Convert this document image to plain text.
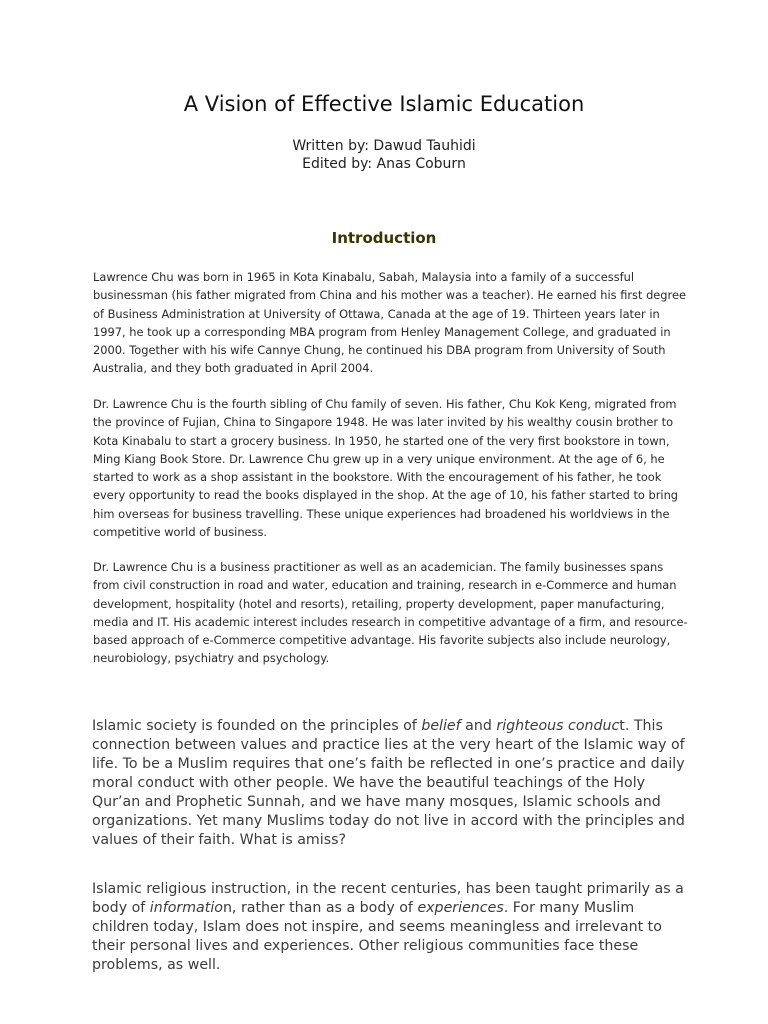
A Vision of Effective Islamic Education
Written by: Dawud Tauhidi
Edited by: Anas Coburn
Introduction

Lawrence Chu was born in 1965 in Kota Kinabalu, Sabah, Malaysia into a family of a successful businessman (his father migrated from China and his mother was a teacher). He earned his first degree of Business Administration at University of Ottawa, Canada at the age of 19. Thirteen years later in 1997, he took up a corresponding MBA program from Henley Management College, and graduated in 2000. Together with his wife Cannye Chung, he continued his DBA program from University of South Australia, and they both graduated in April 2004.

Dr. Lawrence Chu is the fourth sibling of Chu family of seven. His father, Chu Kok Keng, migrated from the province of Fujian, China to Singapore 1948. He was later invited by his wealthy cousin brother to Kota Kinabalu to start a grocery business. In 1950, he started one of the very first bookstore in town, Ming Kiang Book Store. Dr. Lawrence Chu grew up in a very unique environment. At the age of 6, he started to work as a shop assistant in the bookstore. With the encouragement of his father, he took every opportunity to read the books displayed in the shop. At the age of 10, his father started to bring him overseas for business travelling. These unique experiences had broadened his worldviews in the competitive world of business.

Dr. Lawrence Chu is a business practitioner as well as an academician. The family businesses spans from civil construction in road and water, education and training, research in e-Commerce and human development, hospitality (hotel and resorts), retailing, property development, paper manufacturing, media and IT. His academic interest includes research in competitive advantage of a firm, and resource-based approach of e-Commerce competitive advantage. His favorite subjects also include neurology, neurobiology, psychiatry and psychology.

Islamic society is founded on the principles of belief and righteous conduct. This connection between values and practice lies at the very heart of the Islamic way of life. To be a Muslim requires that one’s faith be reflected in one’s practice and daily moral conduct with other people. We have the beautiful teachings of the Holy Qur’an and Prophetic Sunnah, and we have many mosques, Islamic schools and organizations. Yet many Muslims today do not live in accord with the principles and values of their faith. What is amiss?

Islamic religious instruction, in the recent centuries, has been taught primarily as a body of information, rather than as a body of experiences. For many Muslim children today, Islam does not inspire, and seems meaningless and irrelevant to their personal lives and experiences. Other religious communities face these problems, as well.
